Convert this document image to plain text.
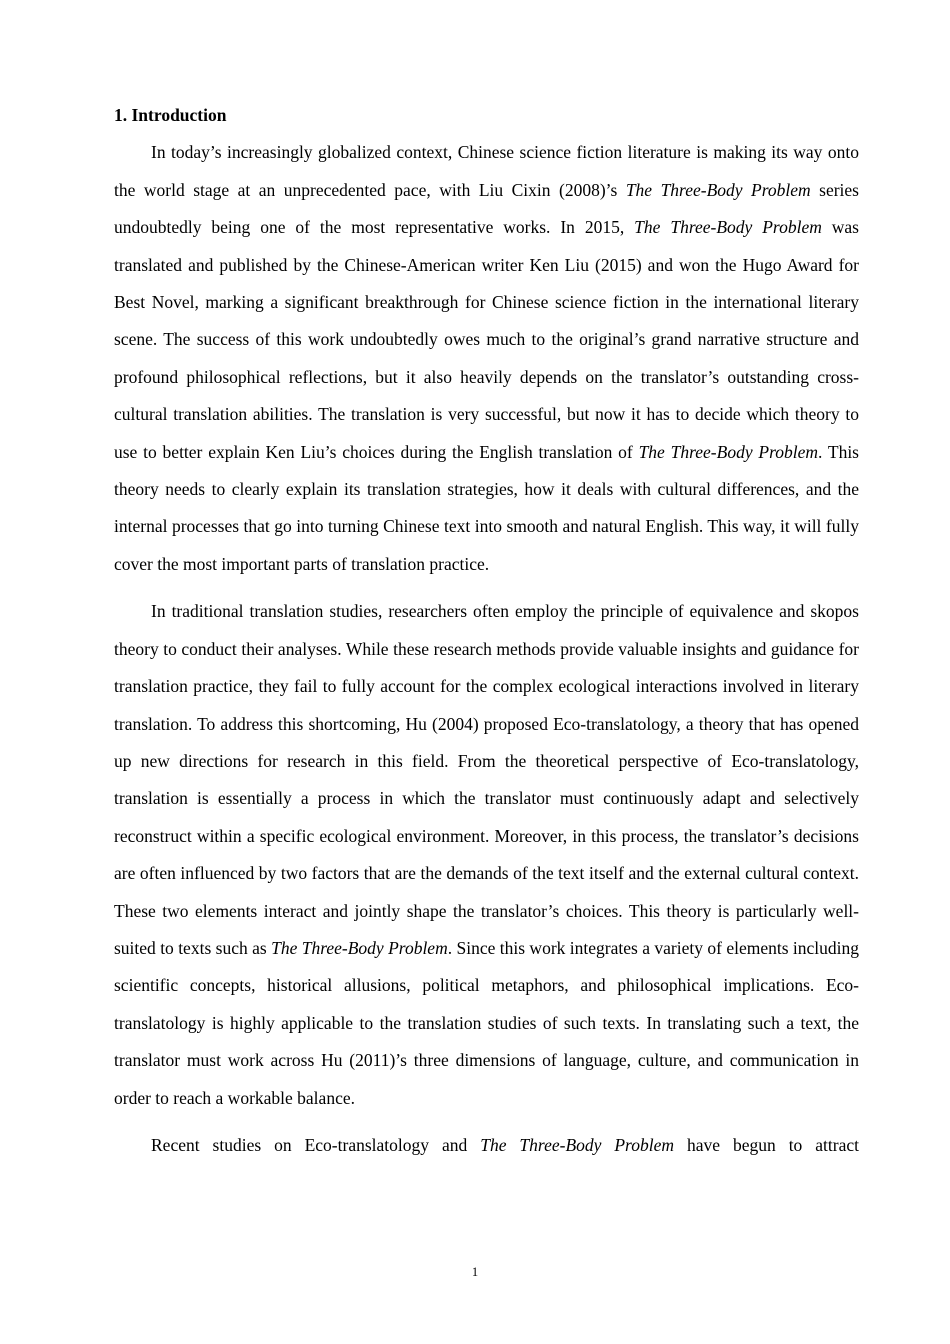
1. Introduction

In today’s increasingly globalized context, Chinese science fiction literature is making its way onto the world stage at an unprecedented pace, with Liu Cixin (2008)’s The Three-Body Problem series undoubtedly being one of the most representative works. In 2015, The Three-Body Problem was translated and published by the Chinese-American writer Ken Liu (2015) and won the Hugo Award for Best Novel, marking a significant breakthrough for Chinese science fiction in the international literary scene. The success of this work undoubtedly owes much to the original’s grand narrative structure and profound philosophical reflections, but it also heavily depends on the translator’s outstanding cross-cultural translation abilities. The translation is very successful, but now it has to decide which theory to use to better explain Ken Liu’s choices during the English translation of The Three-Body Problem. This theory needs to clearly explain its translation strategies, how it deals with cultural differences, and the internal processes that go into turning Chinese text into smooth and natural English. This way, it will fully cover the most important parts of translation practice.

In traditional translation studies, researchers often employ the principle of equivalence and skopos theory to conduct their analyses. While these research methods provide valuable insights and guidance for translation practice, they fail to fully account for the complex ecological interactions involved in literary translation. To address this shortcoming, Hu (2004) proposed Eco-translatology, a theory that has opened up new directions for research in this field. From the theoretical perspective of Eco-translatology, translation is essentially a process in which the translator must continuously adapt and selectively reconstruct within a specific ecological environment. Moreover, in this process, the translator’s decisions are often influenced by two factors that are the demands of the text itself and the external cultural context. These two elements interact and jointly shape the translator’s choices. This theory is particularly well-suited to texts such as The Three-Body Problem. Since this work integrates a variety of elements including scientific concepts, historical allusions, political metaphors, and philosophical implications. Eco-translatology is highly applicable to the translation studies of such texts. In translating such a text, the translator must work across Hu (2011)’s three dimensions of language, culture, and communication in order to reach a workable balance.

Recent studies on Eco-translatology and The Three-Body Problem have begun to attract

1
